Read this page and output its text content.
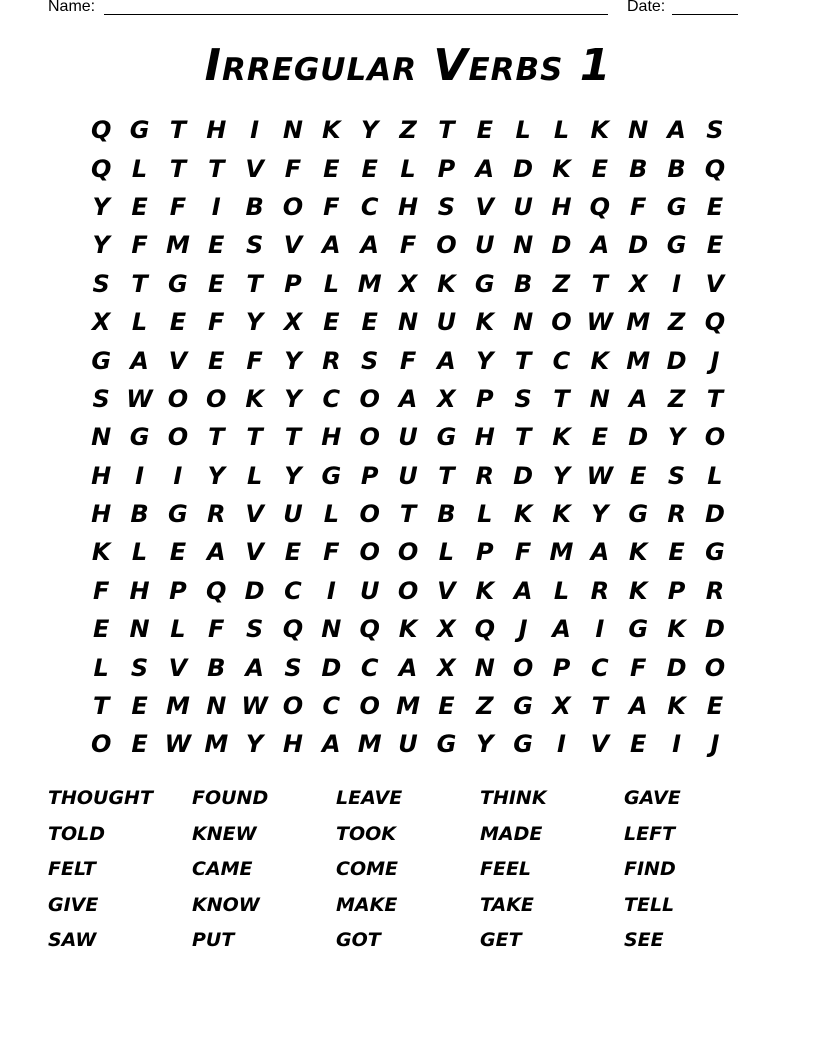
Name:	Date:
Irregular Verbs 1
Q G T H I N K Y Z T E L L K N A S
Q L T T V F E E L P A D K E B B Q
Y E F	I	B O F C H S V U H Q F G E
Y F M E S V A A F O U N D A D G E
S T G E T P L M X K G B Z T X	I	V
X L E F Y X E E N U K N O W M Z Q
G A V E F Y R S F A Y T C K M D J
S W O O K Y C O A X P S T N A Z T
N G O T T T H O U G H T K E D Y O
H I	I	Y L Y G P U T R D Y W E S L
H B G R V U L O T B L K K Y G R D
K L E A V E F O O L P F M A K E G
F H P Q D C	I	U O V K A L R K P R
E N L F S Q N Q K X Q J	A	I	G K D
L S V B A S D C A X N O P C F D O
T E M N W O C O M E Z G X T A K E
O E W M Y H A M U G Y G	I	V E	I	J
THOUGHT	FOUND	LEAVE	THINK	GAVE
TOLD	KNEW	TOOK	MADE	LEFT
FELT	CAME	COME	FEEL	FIND
GIVE	KNOW	MAKE	TAKE	TELL
SAW	PUT	GOT	GET	SEE
